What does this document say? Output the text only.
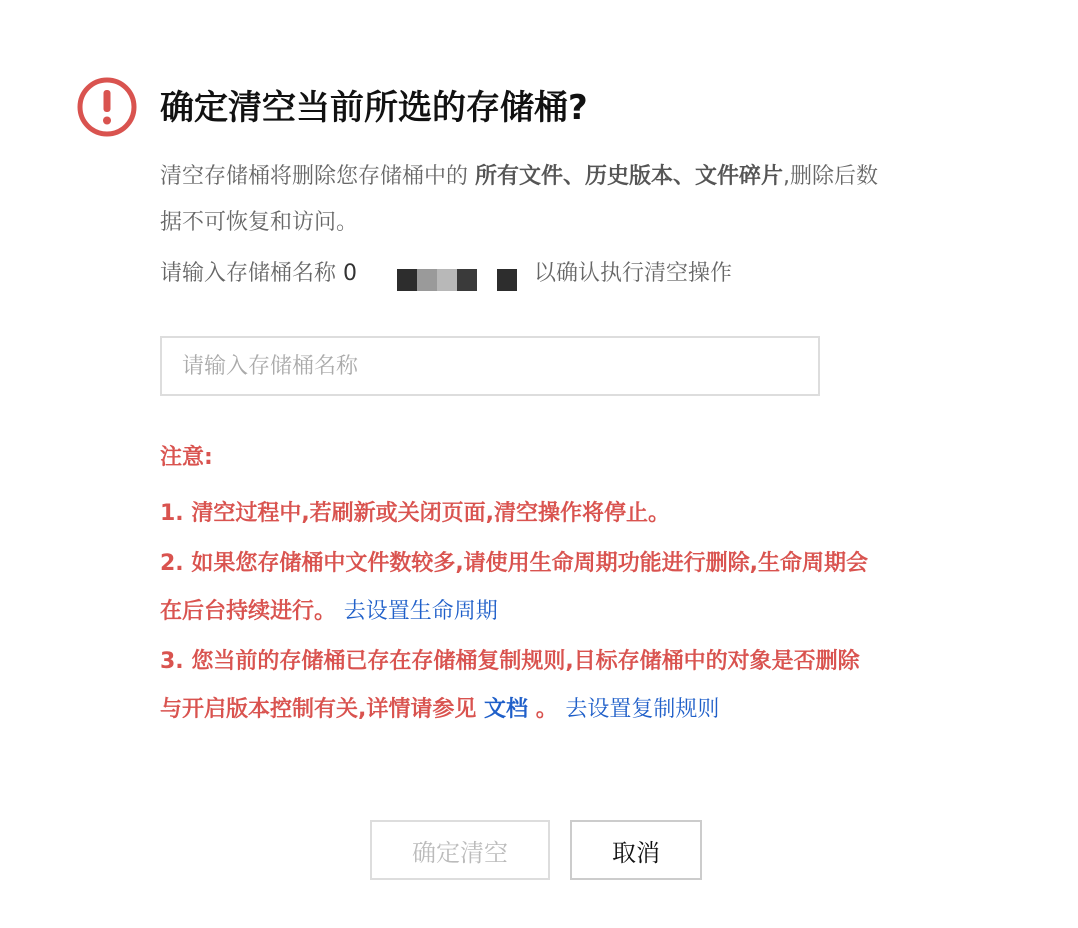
确定清空当前所选的存储桶?
清空存储桶将删除您存储桶中的 所有文件、历史版本、文件碎片,删除后数据不可恢复和访问。
请输入存储桶名称 0	以确认执行清空操作
请输入存储桶名称
注意:
1. 清空过程中,若刷新或关闭页面,清空操作将停止。
2. 如果您存储桶中文件数较多,请使用生命周期功能进行删除,生命周期会在后台持续进行。 去设置生命周期
3. 您当前的存储桶已存在存储桶复制规则,目标存储桶中的对象是否删除与开启版本控制有关,详情请参见 文档 。 去设置复制规则
确定清空	取消
